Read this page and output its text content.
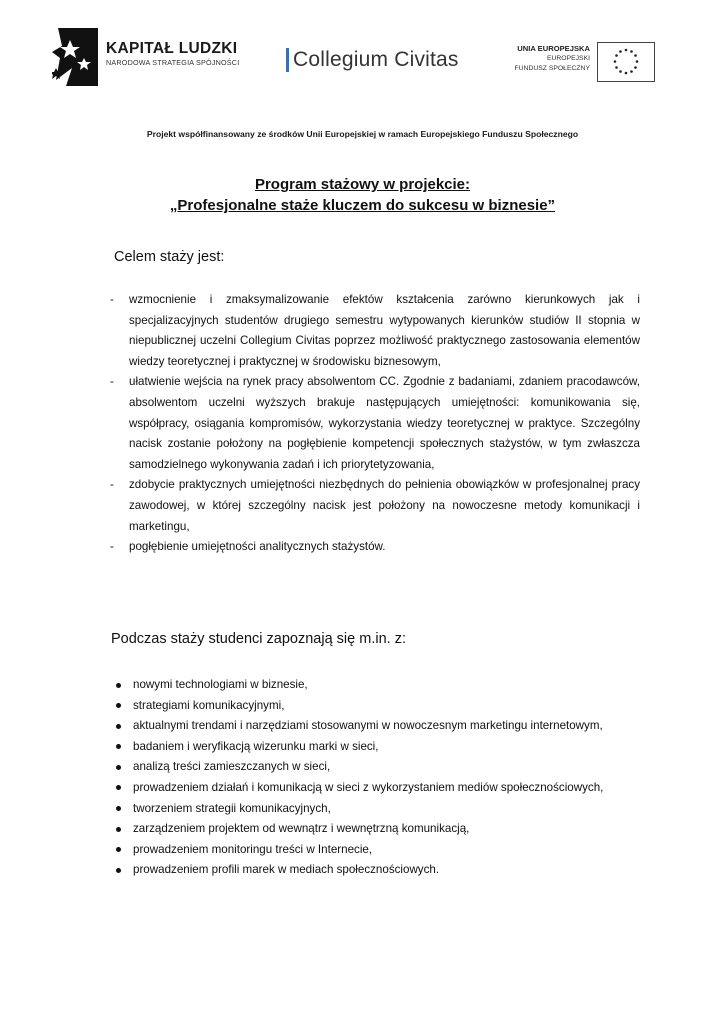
KAPITAŁ LUDZKI
NARODOWA STRATEGIA SPÓJNOŚCI	Collegium Civitas	UNIA EUROPEJSKA
EUROPEJSKI
FUNDUSZ SPOŁECZNY
Projekt współfinansowany ze środków Unii Europejskiej w ramach Europejskiego Funduszu Społecznego
Program stażowy w projekcie:
„Profesjonalne staże kluczem do sukcesu w biznesie”
Celem staży jest:
- wzmocnienie i zmaksymalizowanie efektów kształcenia zarówno kierunkowych jak i specjalizacyjnych studentów drugiego semestru wytypowanych kierunków studiów II stopnia w niepublicznej uczelni Collegium Civitas poprzez możliwość praktycznego zastosowania elementów wiedzy teoretycznej i praktycznej w środowisku biznesowym,
- ułatwienie wejścia na rynek pracy absolwentom CC. Zgodnie z badaniami, zdaniem pracodawców, absolwentom uczelni wyższych brakuje następujących umiejętności: komunikowania się, współpracy, osiągania kompromisów, wykorzystania wiedzy teoretycznej w praktyce. Szczególny nacisk zostanie położony na pogłębienie kompetencji społecznych stażystów, w tym zwłaszcza samodzielnego wykonywania zadań i ich priorytetyzowania,
- zdobycie praktycznych umiejętności niezbędnych do pełnienia obowiązków w profesjonalnej pracy zawodowej, w której szczególny nacisk jest położony na nowoczesne metody komunikacji i marketingu,
- pogłębienie umiejętności analitycznych stażystów.
Podczas staży studenci zapoznają się m.in. z:
nowymi technologiami w biznesie,
strategiami komunikacyjnymi,
aktualnymi trendami i narzędziami stosowanymi w nowoczesnym marketingu internetowym,
badaniem i weryfikacją wizerunku marki w sieci,
analizą treści zamieszczanych w sieci,
prowadzeniem działań i komunikacją w sieci z wykorzystaniem mediów społecznościowych,
tworzeniem strategii komunikacyjnych,
zarządzeniem projektem od wewnątrz i wewnętrzną komunikacją,
prowadzeniem monitoringu treści w Internecie,
prowadzeniem profili marek w mediach społecznościowych.
